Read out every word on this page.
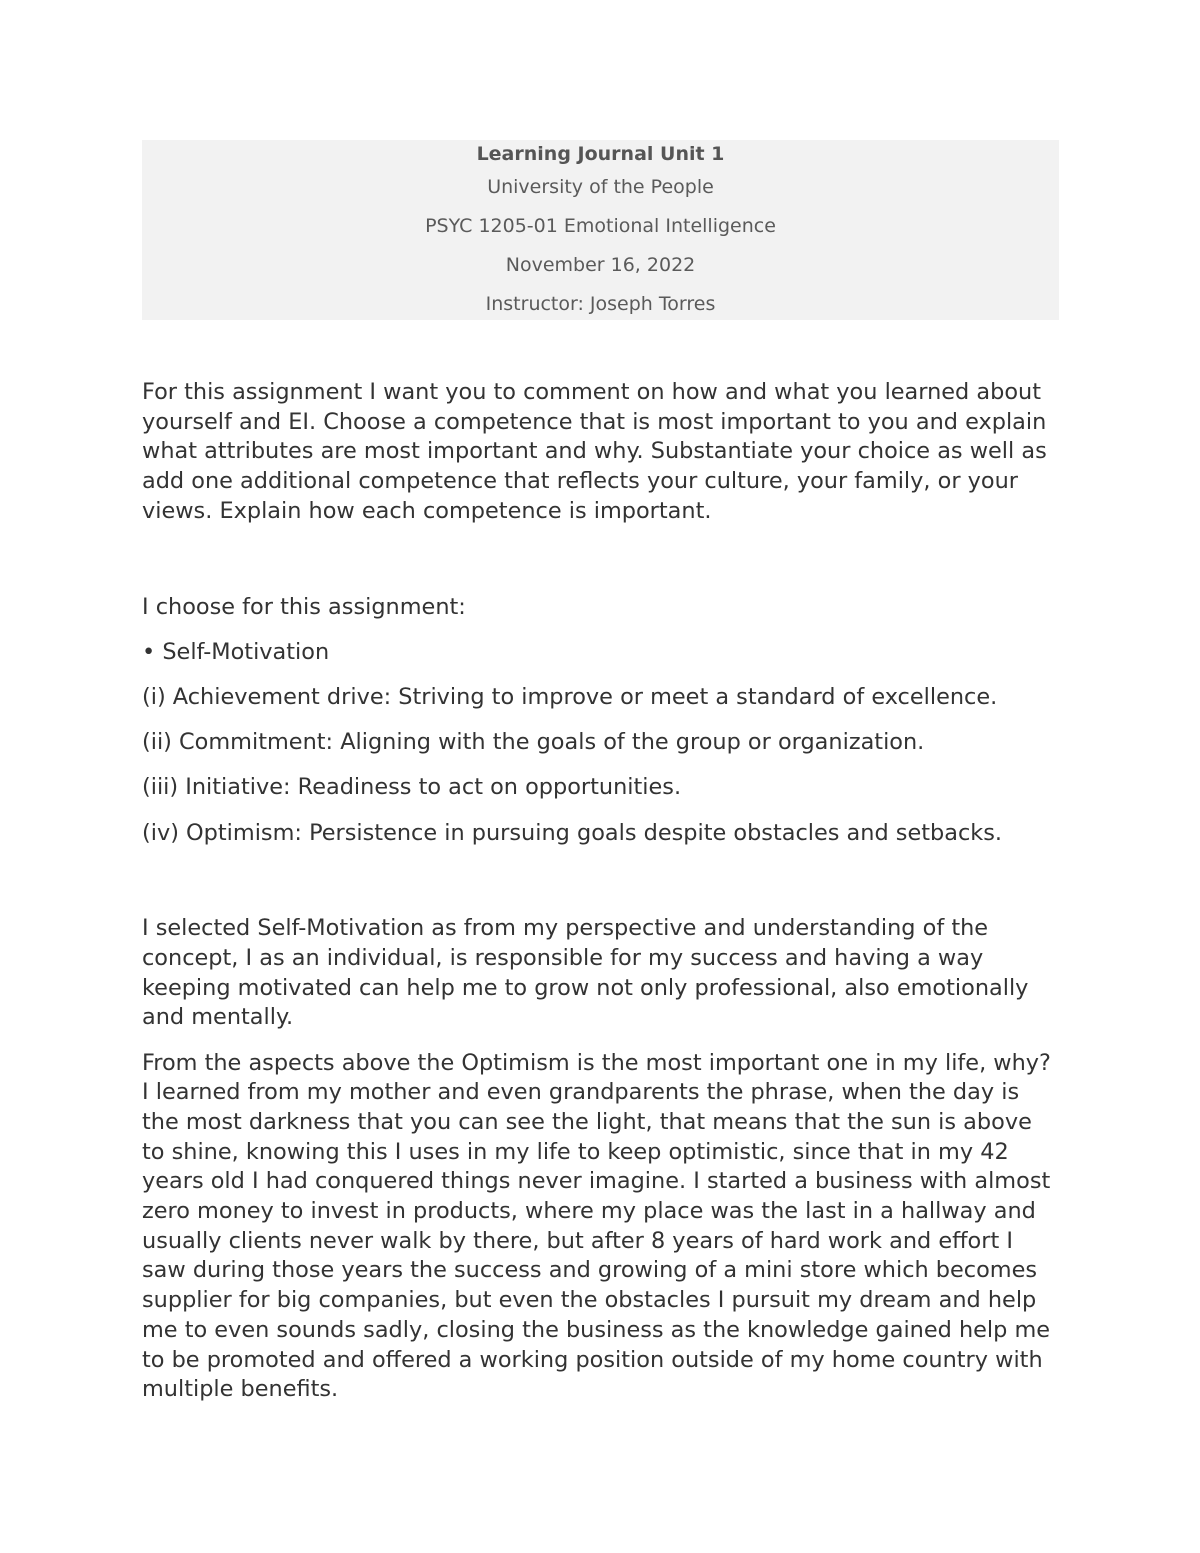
Learning Journal Unit 1
University of the People
PSYC 1205-01 Emotional Intelligence
November 16, 2022
Instructor: Joseph Torres

For this assignment I want you to comment on how and what you learned about yourself and EI. Choose a competence that is most important to you and explain what attributes are most important and why. Substantiate your choice as well as add one additional competence that reflects your culture, your family, or your views. Explain how each competence is important.

I choose for this assignment:

• Self-Motivation
(i) Achievement drive: Striving to improve or meet a standard of excellence.
(ii) Commitment: Aligning with the goals of the group or organization.
(iii) Initiative: Readiness to act on opportunities.
(iv) Optimism: Persistence in pursuing goals despite obstacles and setbacks.

I selected Self-Motivation as from my perspective and understanding of the concept, I as an individual, is responsible for my success and having a way keeping motivated can help me to grow not only professional, also emotionally and mentally.

From the aspects above the Optimism is the most important one in my life, why? I learned from my mother and even grandparents the phrase, when the day is the most darkness that you can see the light, that means that the sun is above to shine, knowing this I uses in my life to keep optimistic, since that in my 42 years old I had conquered things never imagine. I started a business with almost zero money to invest in products, where my place was the last in a hallway and usually clients never walk by there, but after 8 years of hard work and effort I saw during those years the success and growing of a mini store which becomes supplier for big companies, but even the obstacles I pursuit my dream and help me to even sounds sadly, closing the business as the knowledge gained help me to be promoted and offered a working position outside of my home country with multiple benefits.
